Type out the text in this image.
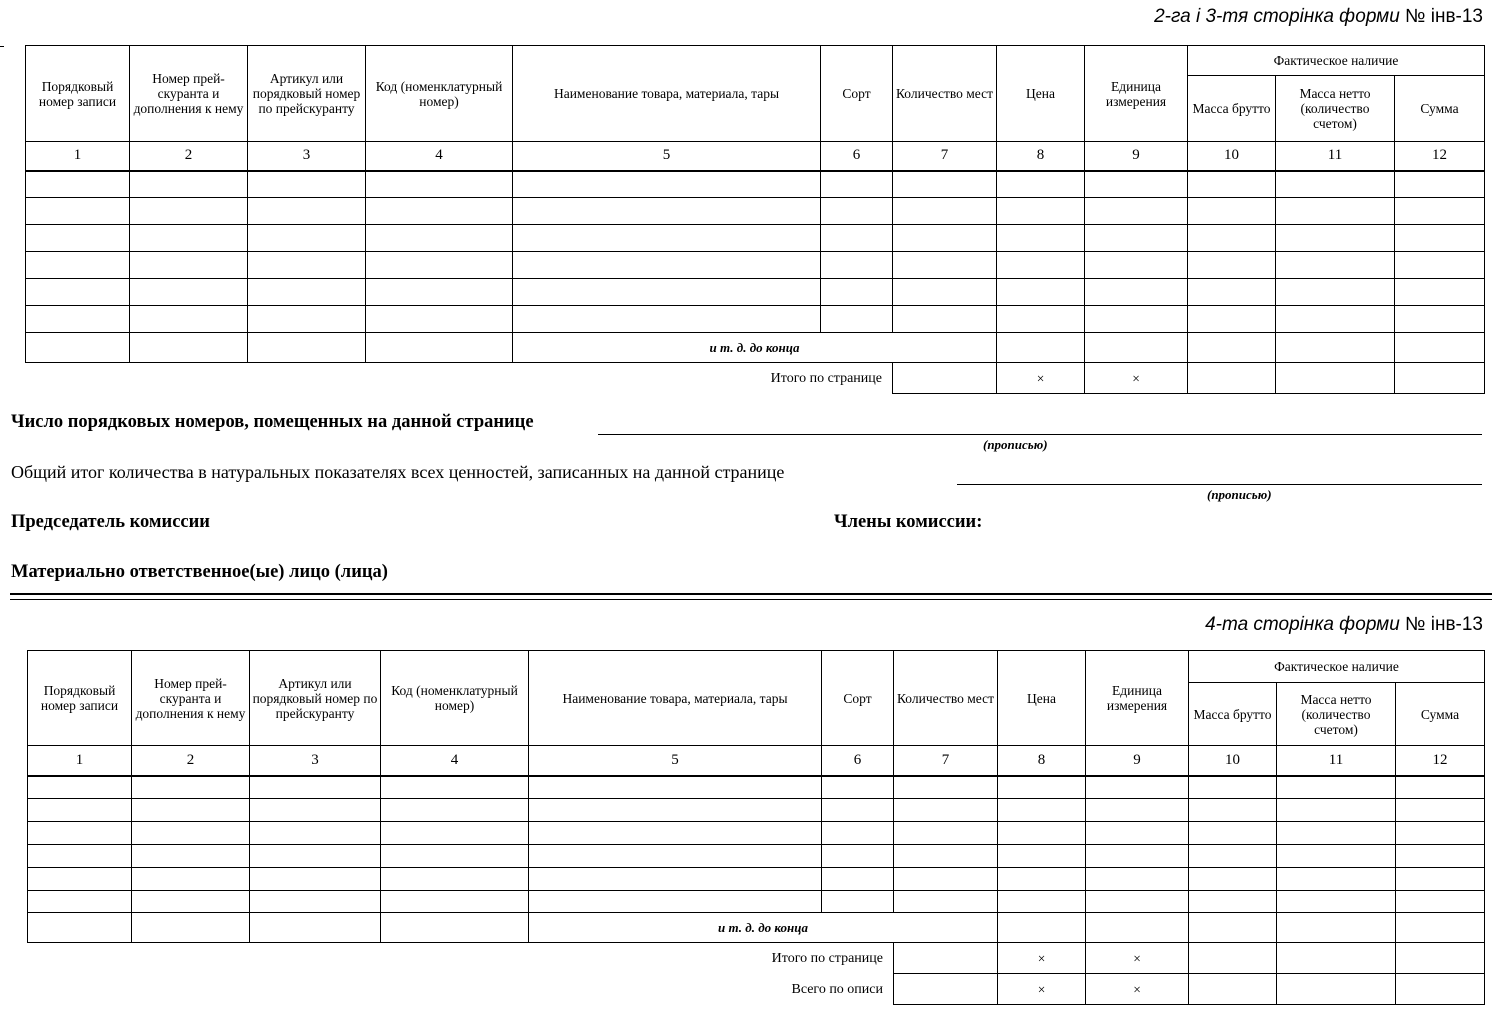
2-га і 3-тя сторінка форми № інв-13
Порядковый номер записи	Номер прей-скуранта и дополнения к нему	Артикул или порядковый номер по прейскуранту	Код (номенклатурный номер)	Наименование товара, материала, тары	Сорт	Количество мест	Цена	Единица измерения	Фактическое наличие		
									Масса брутто	Масса нетто (количество счетом)	Сумма
1	2	3	4	5	6	7	8	9	10	11	12

				и т. д. до конца							
Итого по странице							×	×			
Число порядковых номеров, помещенных на данной странице
(прописью)
Общий итог количества в натуральных показателях всех ценностей, записанных на данной странице
(прописью)
Председатель комиссии	Члены комиссии:
Материально ответственное(ые) лицо (лица)
4-та сторінка форми № інв-13
Порядковый номер записи	Номер прей-скуранта и дополнения к нему	Артикул или порядковый номер по прейскуранту	Код (номенклатурный номер)	Наименование товара, материала, тары	Сорт	Количество мест	Цена	Единица измерения	Фактическое наличие		
									Масса брутто	Масса нетто (количество счетом)	Сумма
1	2	3	4	5	6	7	8	9	10	11	12

				и т. д. до конца							
Итого по странице							×	×			
Всего по описи							×	×			
